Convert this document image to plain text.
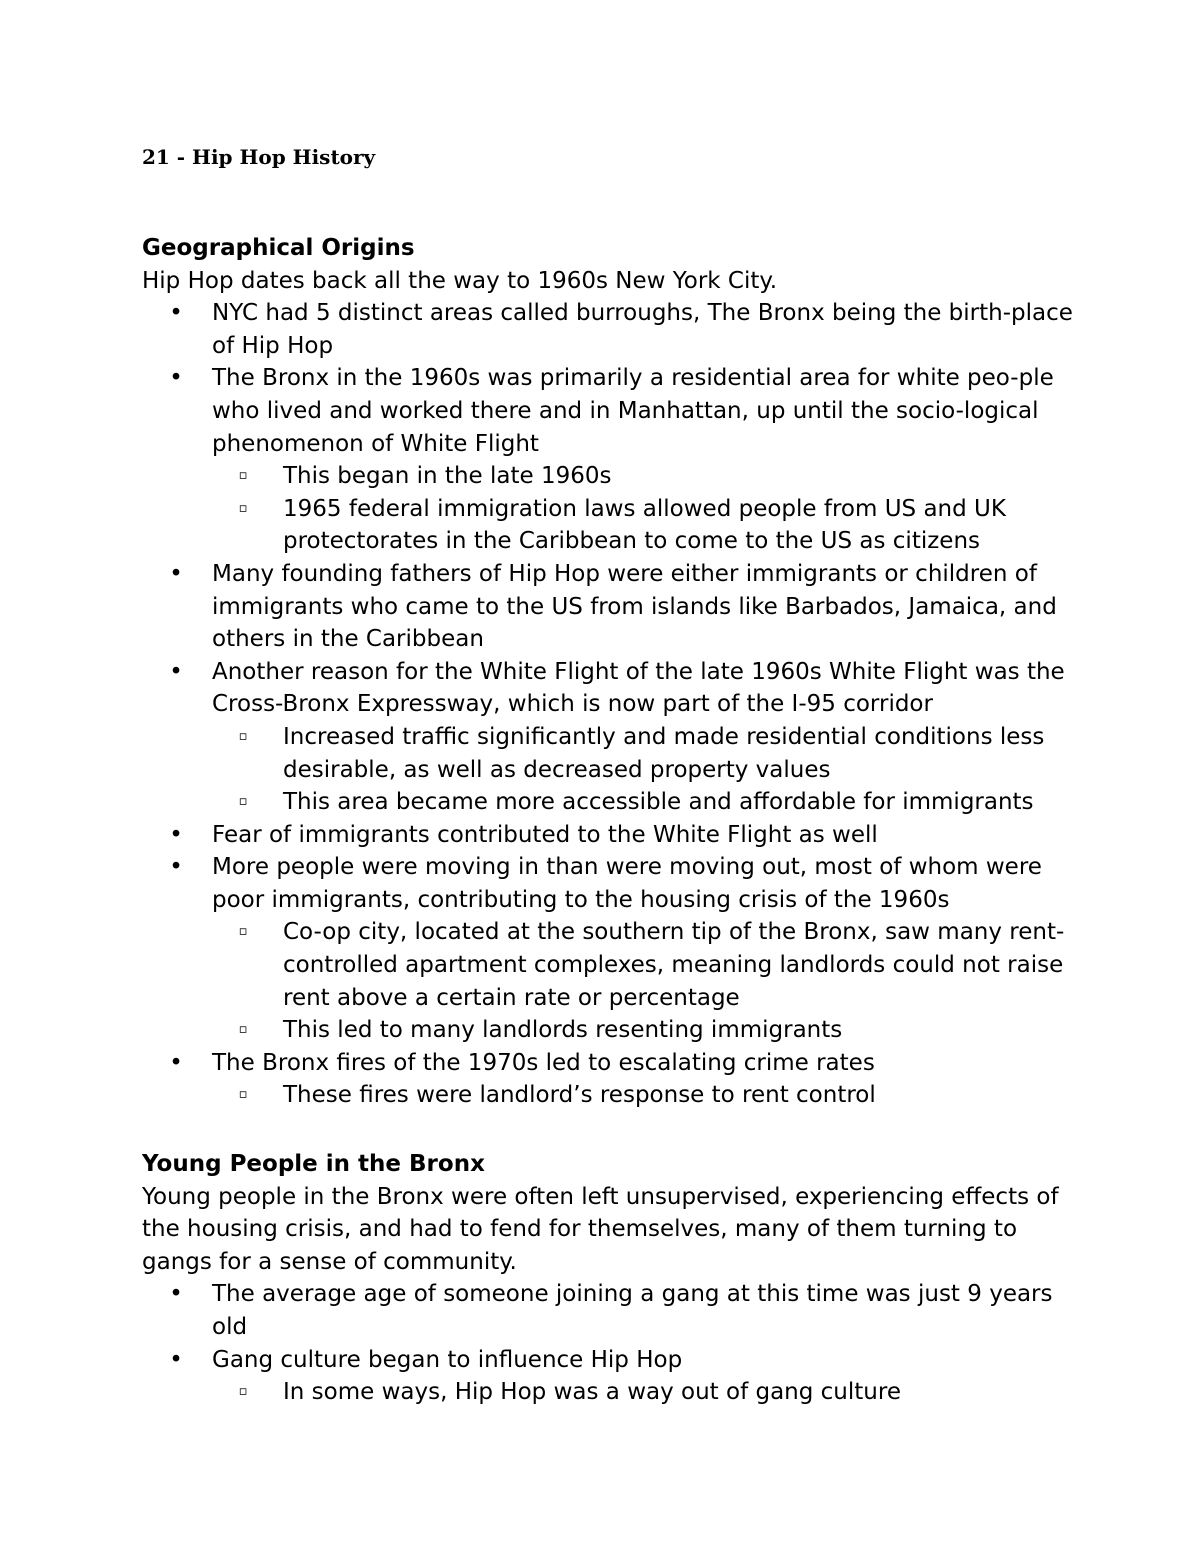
21 - Hip Hop History
Geographical Origins

Hip Hop dates back all the way to 1960s New York City.

• NYC had 5 distinct areas called burroughs, The Bronx being the birth-place of Hip Hop
• The Bronx in the 1960s was primarily a residential area for white peo-ple who lived and worked there and in Manhattan, up until the socio-logical phenomenon of White Flight
▫ This began in the late 1960s
▫ 1965 federal immigration laws allowed people from US and UK protectorates in the Caribbean to come to the US as citizens
• Many founding fathers of Hip Hop were either immigrants or children of immigrants who came to the US from islands like Barbados, Jamaica, and others in the Caribbean
• Another reason for the White Flight of the late 1960s White Flight was the Cross-Bronx Expressway, which is now part of the I-95 corridor
▫ Increased traffic significantly and made residential conditions less desirable, as well as decreased property values
▫ This area became more accessible and affordable for immigrants
• Fear of immigrants contributed to the White Flight as well
• More people were moving in than were moving out, most of whom were poor immigrants, contributing to the housing crisis of the 1960s
▫ Co-op city, located at the southern tip of the Bronx, saw many rent-controlled apartment complexes, meaning landlords could not raise rent above a certain rate or percentage
▫ This led to many landlords resenting immigrants
• The Bronx fires of the 1970s led to escalating crime rates
▫ These fires were landlord’s response to rent control
Young People in the Bronx

Young people in the Bronx were often left unsupervised, experiencing effects of the housing crisis, and had to fend for themselves, many of them turning to gangs for a sense of community.

• The average age of someone joining a gang at this time was just 9 years old
• Gang culture began to influence Hip Hop
▫ In some ways, Hip Hop was a way out of gang culture
